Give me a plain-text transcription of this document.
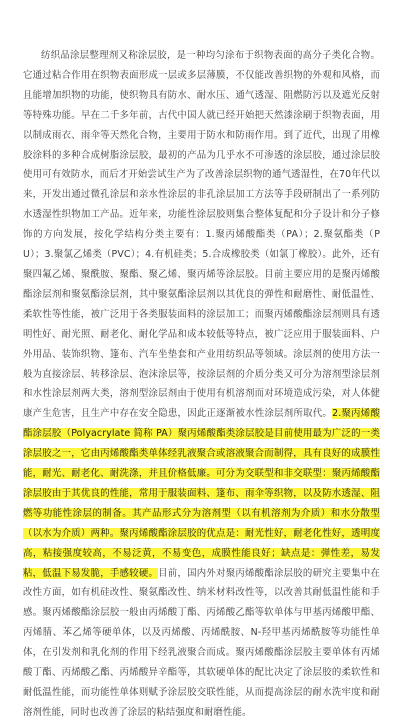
纺织品涂层整理剂又称涂层胶，是一种均匀涂布于织物表面的高分子类化合物。它通过粘合作用在织物表面形成一层或多层薄膜，不仅能改善织物的外观和风格，而且能增加织物的功能，使织物具有防水、耐水压、通气透湿、阻燃防污以及遮光反射等特殊功能。早在二千多年前，古代中国人就已经开始把天然漆涂刷于织物表面，用以制成雨衣、雨伞等天然化合物，主要用于防水和防雨作用。到了近代，出现了用橡胶涂料的多种合成树脂涂层胶，最初的产品为几乎水不可渗透的涂层胶，通过涂层胶使用可有效防水，而后才开始尝试生产为了改善涂层织物的通气透湿性，在70年代以来，开发出通过微孔涂层和亲水性涂层的非孔涂层加工方法等手段研制出了一系列防水透湿性织物加工产品。近年来，功能性涂层胶则集合整体复配和分子设计和分子修饰的方向发展，按化学结构分类主要有：1.聚丙烯酸酯类（PA）；2.聚氨酯类（PU）；3.聚氯乙烯类（PVC）；4.有机硅类；5.合成橡胶类（如氯丁橡胶）。此外，还有聚四氟乙烯、聚酰胺、聚酯、聚乙烯、聚丙烯等涂层胶。目前主要应用的是聚丙烯酸酯涂层剂和聚氨酯涂层剂，其中聚氨酯涂层剂以其优良的弹性和耐磨性、耐低温性、柔软性等性能，被广泛用于各类服装面料的涂层加工；而聚丙烯酸酯涂层剂则具有透明性好、耐光照、耐老化、耐化学品和成本较低等特点，被广泛应用于服装面料、户外用品、装饰织物、篷布、汽车坐垫套和产业用纺织品等领域。涂层剂的使用方法一般为直接涂层、转移涂层、泡沫涂层等，按涂层剂的介质分类又可分为溶剂型涂层剂和水性涂层剂两大类，溶剂型涂层剂由于使用有机溶剂而对环境造成污染，对人体健康产生危害，且生产中存在安全隐患，因此正逐渐被水性涂层剂所取代。2.聚丙烯酸酯涂层胶（Polyacrylate 简称 PA）聚丙烯酸酯类涂层胶是目前使用最为广泛的一类涂层胶之一，它由丙烯酸酯类单体经乳液聚合或溶液聚合而制得，具有良好的成膜性能，耐光、耐老化、耐洗涤，并且价格低廉。可分为交联型和非交联型：聚丙烯酸酯涂层胶由于其优良的性能，常用于服装面料、篷布、雨伞等织物，以及防水透湿、阻燃等功能性涂层的制备。其产品形式分为溶剂型（以有机溶剂为介质）和水分散型（以水为介质）两种。聚丙烯酸酯涂层胶的优点是：耐光性好，耐老化性好，透明度高，粘接强度较高，不易泛黄，不易变色，成膜性能良好；缺点是：弹性差，易发粘，低温下易发脆，手感较硬。目前，国内外对聚丙烯酸酯涂层胶的研究主要集中在改性方面，如有机硅改性、聚氨酯改性、纳米材料改性等，以改善其耐低温性能和手感。聚丙烯酸酯涂层胶一般由丙烯酸丁酯、丙烯酸乙酯等软单体与甲基丙烯酸甲酯、丙烯腈、苯乙烯等硬单体，以及丙烯酸、丙烯酰胺、N-羟甲基丙烯酰胺等功能性单体，在引发剂和乳化剂的作用下经乳液聚合而成。聚丙烯酸酯涂层胶主要单体有丙烯酸丁酯、丙烯酸乙酯、丙烯酸异辛酯等，其软硬单体的配比决定了涂层胶的柔软性和耐低温性能，而功能性单体则赋予涂层胶交联性能，从而提高涂层的耐水洗牢度和耐溶剂性能，同时也改善了涂层的粘结强度和耐磨性能。
